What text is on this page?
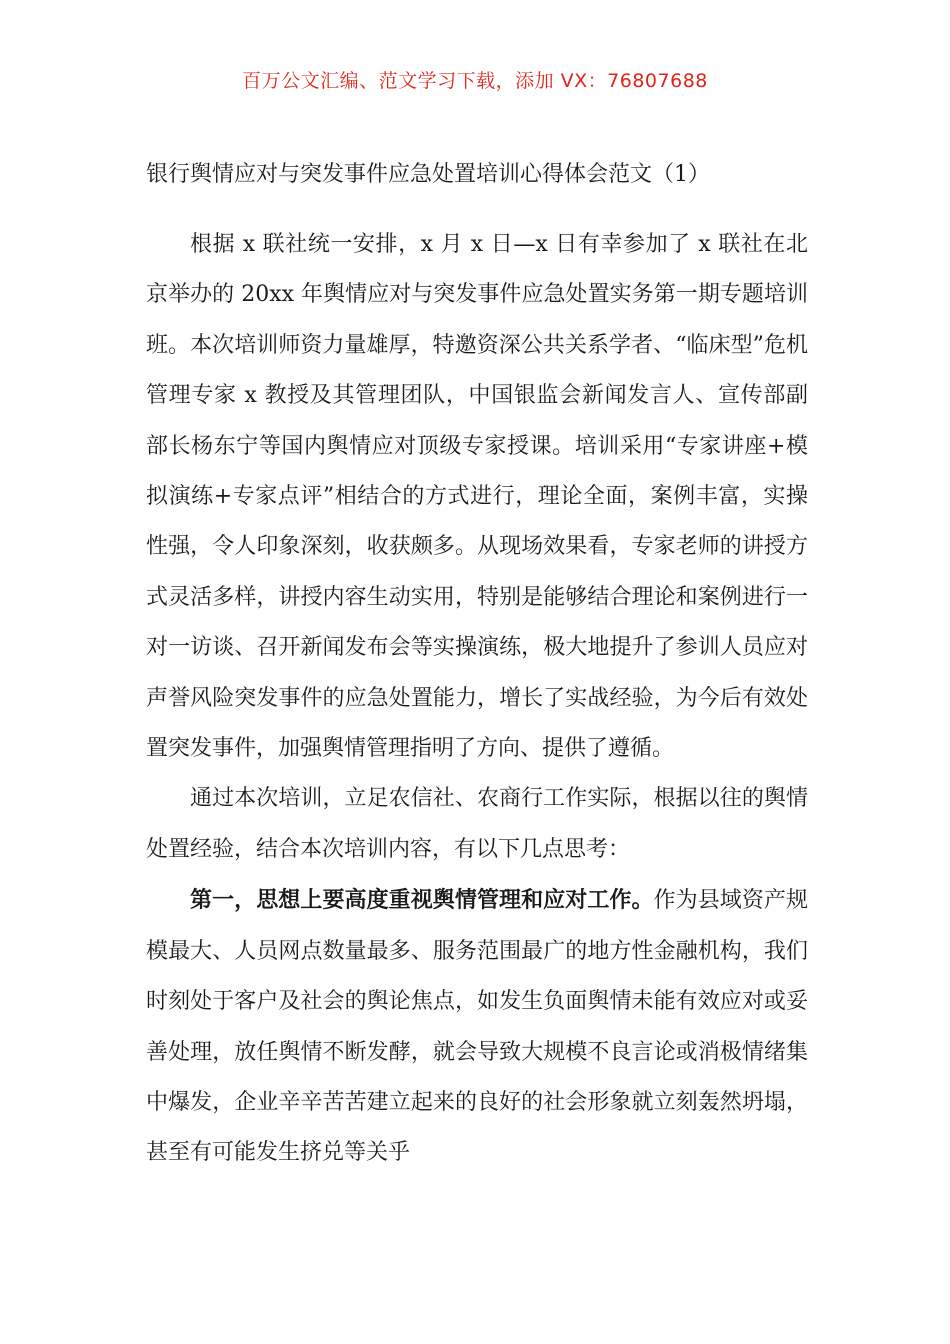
百万公文汇编、范文学习下载，添加 VX：76807688
银行舆情应对与突发事件应急处置培训心得体会范文（1）

根据 x 联社统一安排，x 月 x 日—x 日有幸参加了 x 联社在北京举办的 20xx 年舆情应对与突发事件应急处置实务第一期专题培训班。本次培训师资力量雄厚，特邀资深公共关系学者、“临床型”危机管理专家 x 教授及其管理团队，中国银监会新闻发言人、宣传部副部长杨东宁等国内舆情应对顶级专家授课。培训采用“专家讲座+模拟演练+专家点评”相结合的方式进行，理论全面，案例丰富，实操性强，令人印象深刻，收获颇多。从现场效果看，专家老师的讲授方式灵活多样，讲授内容生动实用，特别是能够结合理论和案例进行一对一访谈、召开新闻发布会等实操演练，极大地提升了参训人员应对声誉风险突发事件的应急处置能力，增长了实战经验，为今后有效处置突发事件，加强舆情管理指明了方向、提供了遵循。

通过本次培训，立足农信社、农商行工作实际，根据以往的舆情处置经验，结合本次培训内容，有以下几点思考：

第一，思想上要高度重视舆情管理和应对工作。作为县域资产规模最大、人员网点数量最多、服务范围最广的地方性金融机构，我们时刻处于客户及社会的舆论焦点，如发生负面舆情未能有效应对或妥善处理，放任舆情不断发酵，就会导致大规模不良言论或消极情绪集中爆发，企业辛辛苦苦建立起来的良好的社会形象就立刻轰然坍塌，甚至有可能发生挤兑等关乎
